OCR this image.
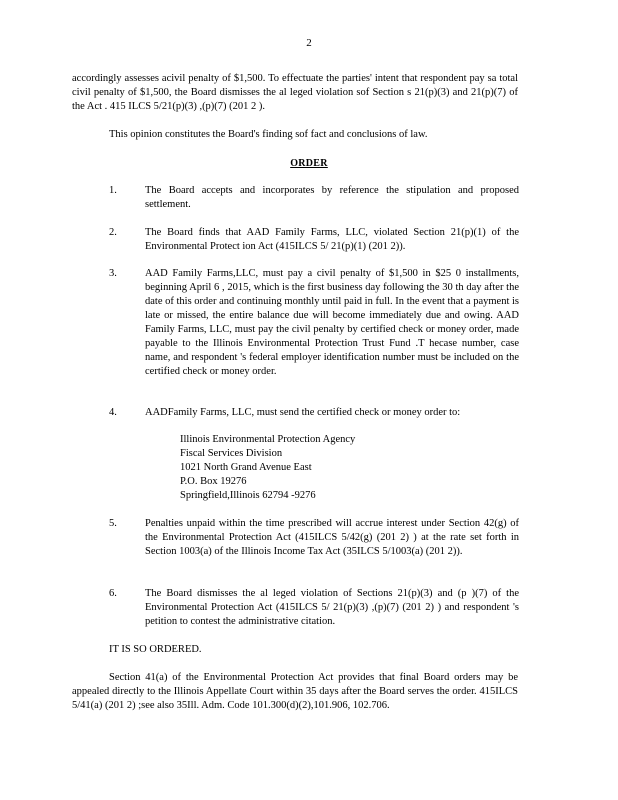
2
accordingly assesses acivil penalty of $1,500. To effectuate the parties' intent that respondent pay sa total civil penalty of $1,500, the Board dismisses the al leged violation sof Section s 21(p)(3) and 21(p)(7) of the Act . 415 ILCS 5/21(p)(3) ,(p)(7) (201 2 ).
This opinion constitutes the Board's finding sof fact and conclusions of law.
ORDER
1.	The Board accepts and incorporates by reference the stipulation and proposed settlement.
2.	The Board finds that AAD Family Farms, LLC, violated Section 21(p)(1) of the Environmental Protect ion Act (415ILCS 5/ 21(p)(1) (201 2)).
3.	AAD Family Farms,LLC, must pay a civil penalty of $1,500 in $25 0 installments, beginning April 6 , 2015, which is the first business day following the 30 th day after the date of this order and continuing monthly until paid in full. In the event that a payment is late or missed, the entire balance due will become immediately due and owing. AAD Family Farms, LLC, must pay the civil penalty by certified check or money order, made payable to the Illinois Environmental Protection Trust Fund .T hecase number, case name, and respondent 's federal employer identification number must be included on the certified check or money order.
4.	AADFamily Farms, LLC, must send the certified check or money order to:
Illinois Environmental Protection Agency
Fiscal Services Division
1021 North Grand Avenue East
P.O. Box 19276
Springfield,Illinois 62794 -9276
5.	Penalties unpaid within the time prescribed will accrue interest under Section 42(g) of the Environmental Protection Act (415ILCS 5/42(g) (201 2) ) at the rate set forth in Section 1003(a) of the Illinois Income Tax Act (35ILCS 5/1003(a) (201 2)).
6.	The Board dismisses the al leged violation of Sections 21(p)(3) and (p )(7) of the Environmental Protection Act (415ILCS 5/ 21(p)(3) ,(p)(7) (201 2) ) and respondent 's petition to contest the administrative citation.
IT IS SO ORDERED.
Section 41(a) of the Environmental Protection Act provides that final Board orders may be appealed directly to the Illinois Appellate Court within 35 days after the Board serves the order. 415ILCS 5/41(a) (201 2) ;see also 35Ill. Adm. Code 101.300(d)(2),101.906, 102.706.
